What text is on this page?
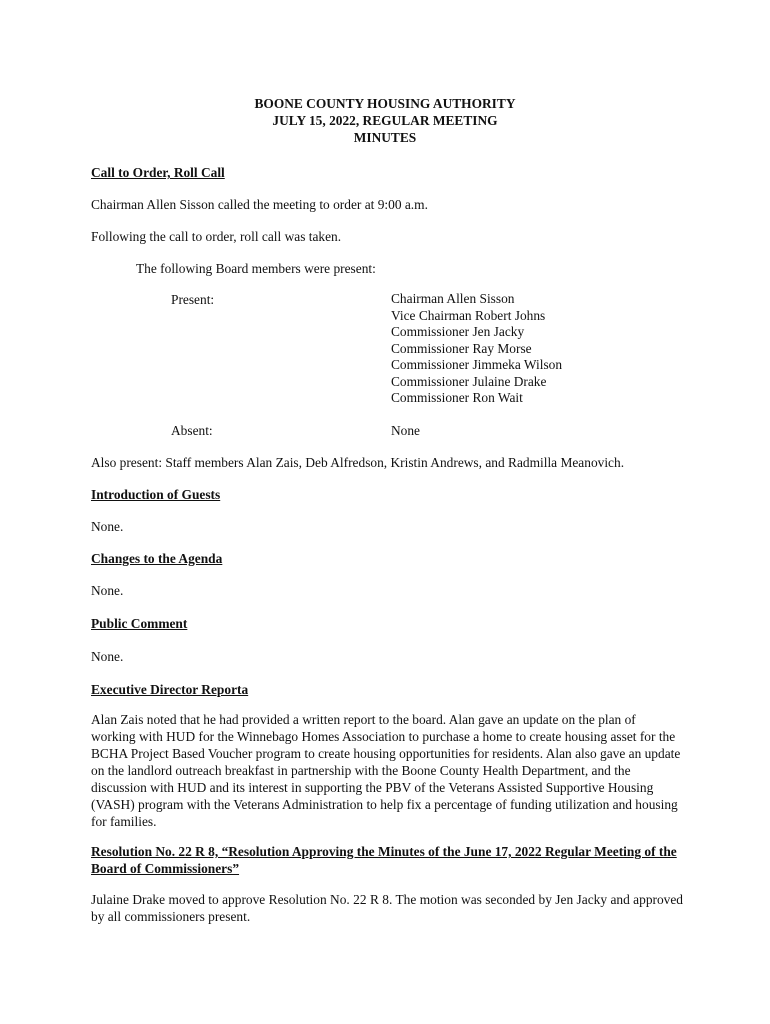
BOONE COUNTY HOUSING AUTHORITY
JULY 15, 2022, REGULAR MEETING
MINUTES
Call to Order, Roll Call
Chairman Allen Sisson called the meeting to order at 9:00 a.m.
Following the call to order, roll call was taken.
The following Board members were present:
Present:	Chairman Allen Sisson
Vice Chairman Robert Johns
Commissioner Jen Jacky
Commissioner Ray Morse
Commissioner Jimmeka Wilson
Commissioner Julaine Drake
Commissioner Ron Wait
Absent:	None
Also present: Staff members Alan Zais, Deb Alfredson, Kristin Andrews, and Radmilla Meanovich.
Introduction of Guests
None.
Changes to the Agenda
None.
Public Comment
None.
Executive Director Reporta
Alan Zais noted that he had provided a written report to the board. Alan gave an update on the plan of working with HUD for the Winnebago Homes Association to purchase a home to create housing asset for the BCHA Project Based Voucher program to create housing opportunities for residents. Alan also gave an update on the landlord outreach breakfast in partnership with the Boone County Health Department, and the discussion with HUD and its interest in supporting the PBV of the Veterans Assisted Supportive Housing (VASH) program with the Veterans Administration to help fix a percentage of funding utilization and housing for families.
Resolution No. 22 R 8, “Resolution Approving the Minutes of the June 17, 2022 Regular Meeting of the Board of Commissioners”
Julaine Drake moved to approve Resolution No. 22 R 8. The motion was seconded by Jen Jacky and approved by all commissioners present.
